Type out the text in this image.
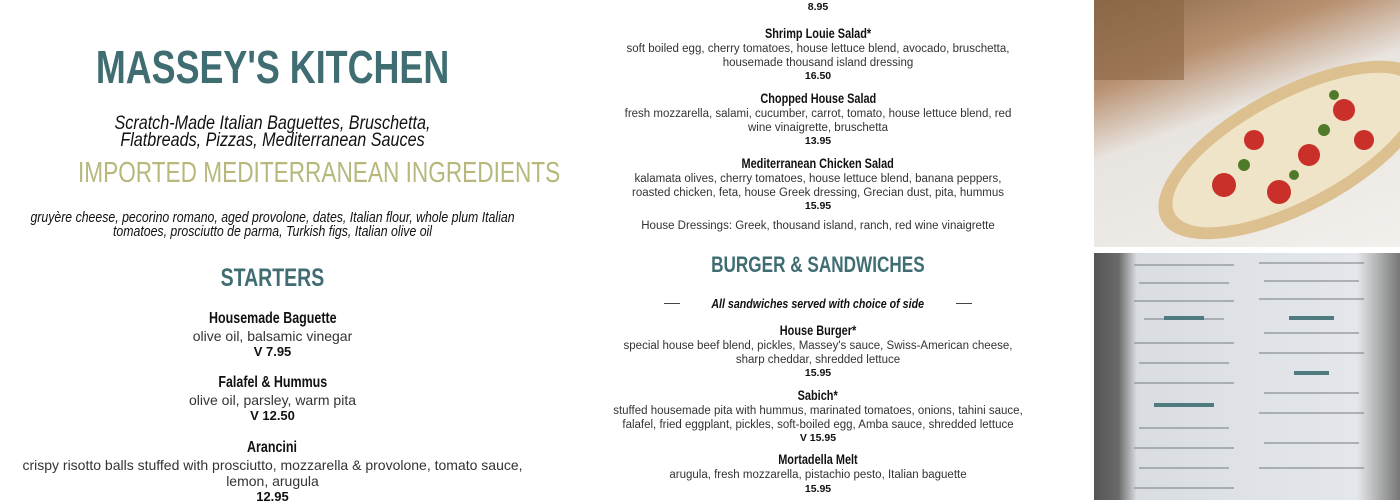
MASSEY'S KITCHEN
Scratch-Made Italian Baguettes, Bruschetta, Flatbreads, Pizzas, Mediterranean Sauces
IMPORTED MEDITERRANEAN INGREDIENTS
gruyère cheese, pecorino romano, aged provolone, dates, Italian flour, whole plum Italian tomatoes, prosciutto de parma, Turkish figs, Italian olive oil
STARTERS
Housemade Baguette
olive oil, balsamic vinegar
V 7.95
Falafel & Hummus
olive oil, parsley, warm pita
V 12.50
Arancini
crispy risotto balls stuffed with prosciutto, mozzarella & provolone, tomato sauce, lemon, arugula
12.95
8.95
Shrimp Louie Salad*
soft boiled egg, cherry tomatoes, house lettuce blend, avocado, bruschetta, housemade thousand island dressing
16.50
Chopped House Salad
fresh mozzarella, salami, cucumber, carrot, tomato, house lettuce blend, red wine vinaigrette, bruschetta
13.95
Mediterranean Chicken Salad
kalamata olives, cherry tomatoes, house lettuce blend, banana peppers, roasted chicken, feta, house Greek dressing, Grecian dust, pita, hummus
15.95
House Dressings: Greek, thousand island, ranch, red wine vinaigrette
BURGER & SANDWICHES
All sandwiches served with choice of side
House Burger*
special house beef blend, pickles, Massey's sauce, Swiss-American cheese, sharp cheddar, shredded lettuce
15.95
Sabich*
stuffed housemade pita with hummus, marinated tomatoes, onions, tahini sauce, falafel, fried eggplant, pickles, soft-boiled egg, Amba sauce, shredded lettuce
V 15.95
Mortadella Melt
arugula, fresh mozzarella, pistachio pesto, Italian baguette
15.95
